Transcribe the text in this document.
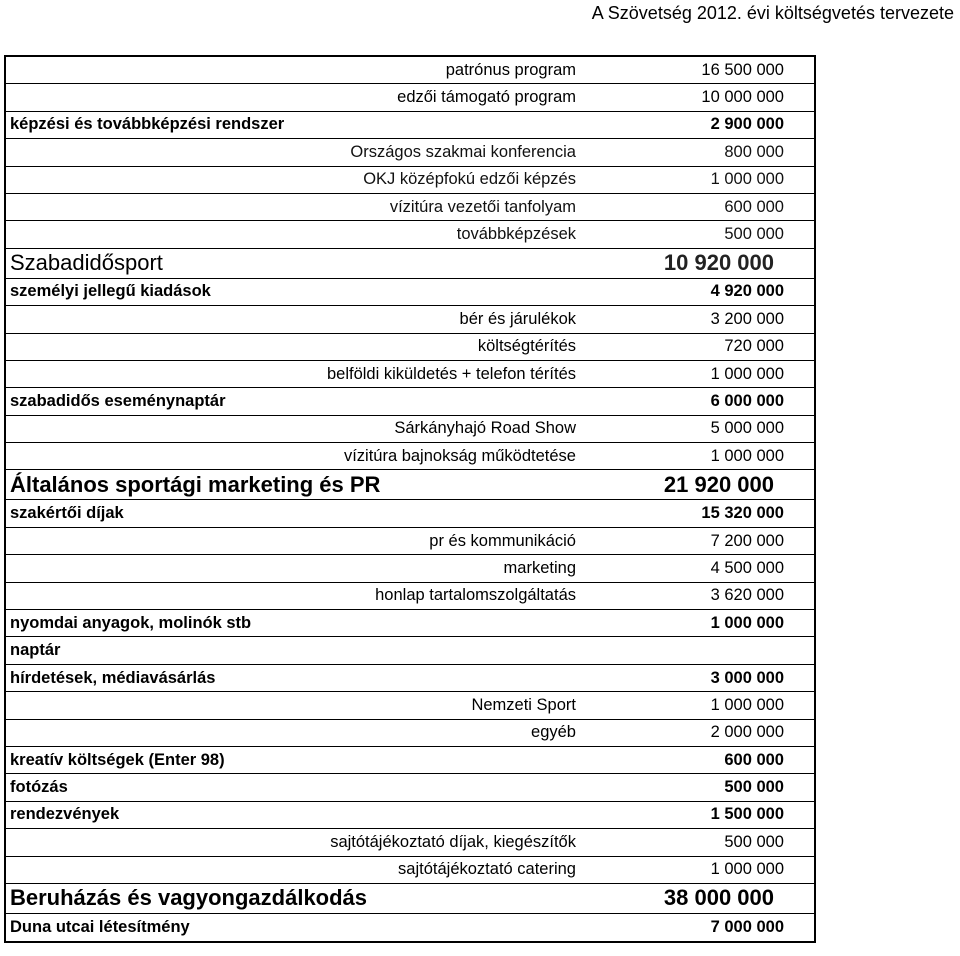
A Szövetség 2012. évi költségvetés tervezete
patrónus program	16 500 000
edzői támogató program	10 000 000
képzési és továbbképzési rendszer	2 900 000
Országos szakmai konferencia	800 000
OKJ középfokú edzői képzés	1 000 000
vízitúra vezetői tanfolyam	600 000
továbbképzések	500 000
Szabadidősport	10 920 000
személyi jellegű kiadások	4 920 000
bér és járulékok	3 200 000
költségtérítés	720 000
belföldi kiküldetés + telefon térítés	1 000 000
szabadidős eseménynaptár	6 000 000
Sárkányhajó Road Show	5 000 000
vízitúra bajnokság működtetése	1 000 000
Általános sportági marketing és PR	21 920 000
szakértői díjak	15 320 000
pr és kommunikáció	7 200 000
marketing	4 500 000
honlap tartalomszolgáltatás	3 620 000
nyomdai anyagok, molinók stb	1 000 000
naptár
hírdetések, médiavásárlás	3 000 000
Nemzeti Sport	1 000 000
egyéb	2 000 000
kreatív költségek (Enter 98)	600 000
fotózás	500 000
rendezvények	1 500 000
sajtótájékoztató díjak, kiegészítők	500 000
sajtótájékoztató catering	1 000 000
Beruházás és vagyongazdálkodás	38 000 000
Duna utcai létesítmény	7 000 000
